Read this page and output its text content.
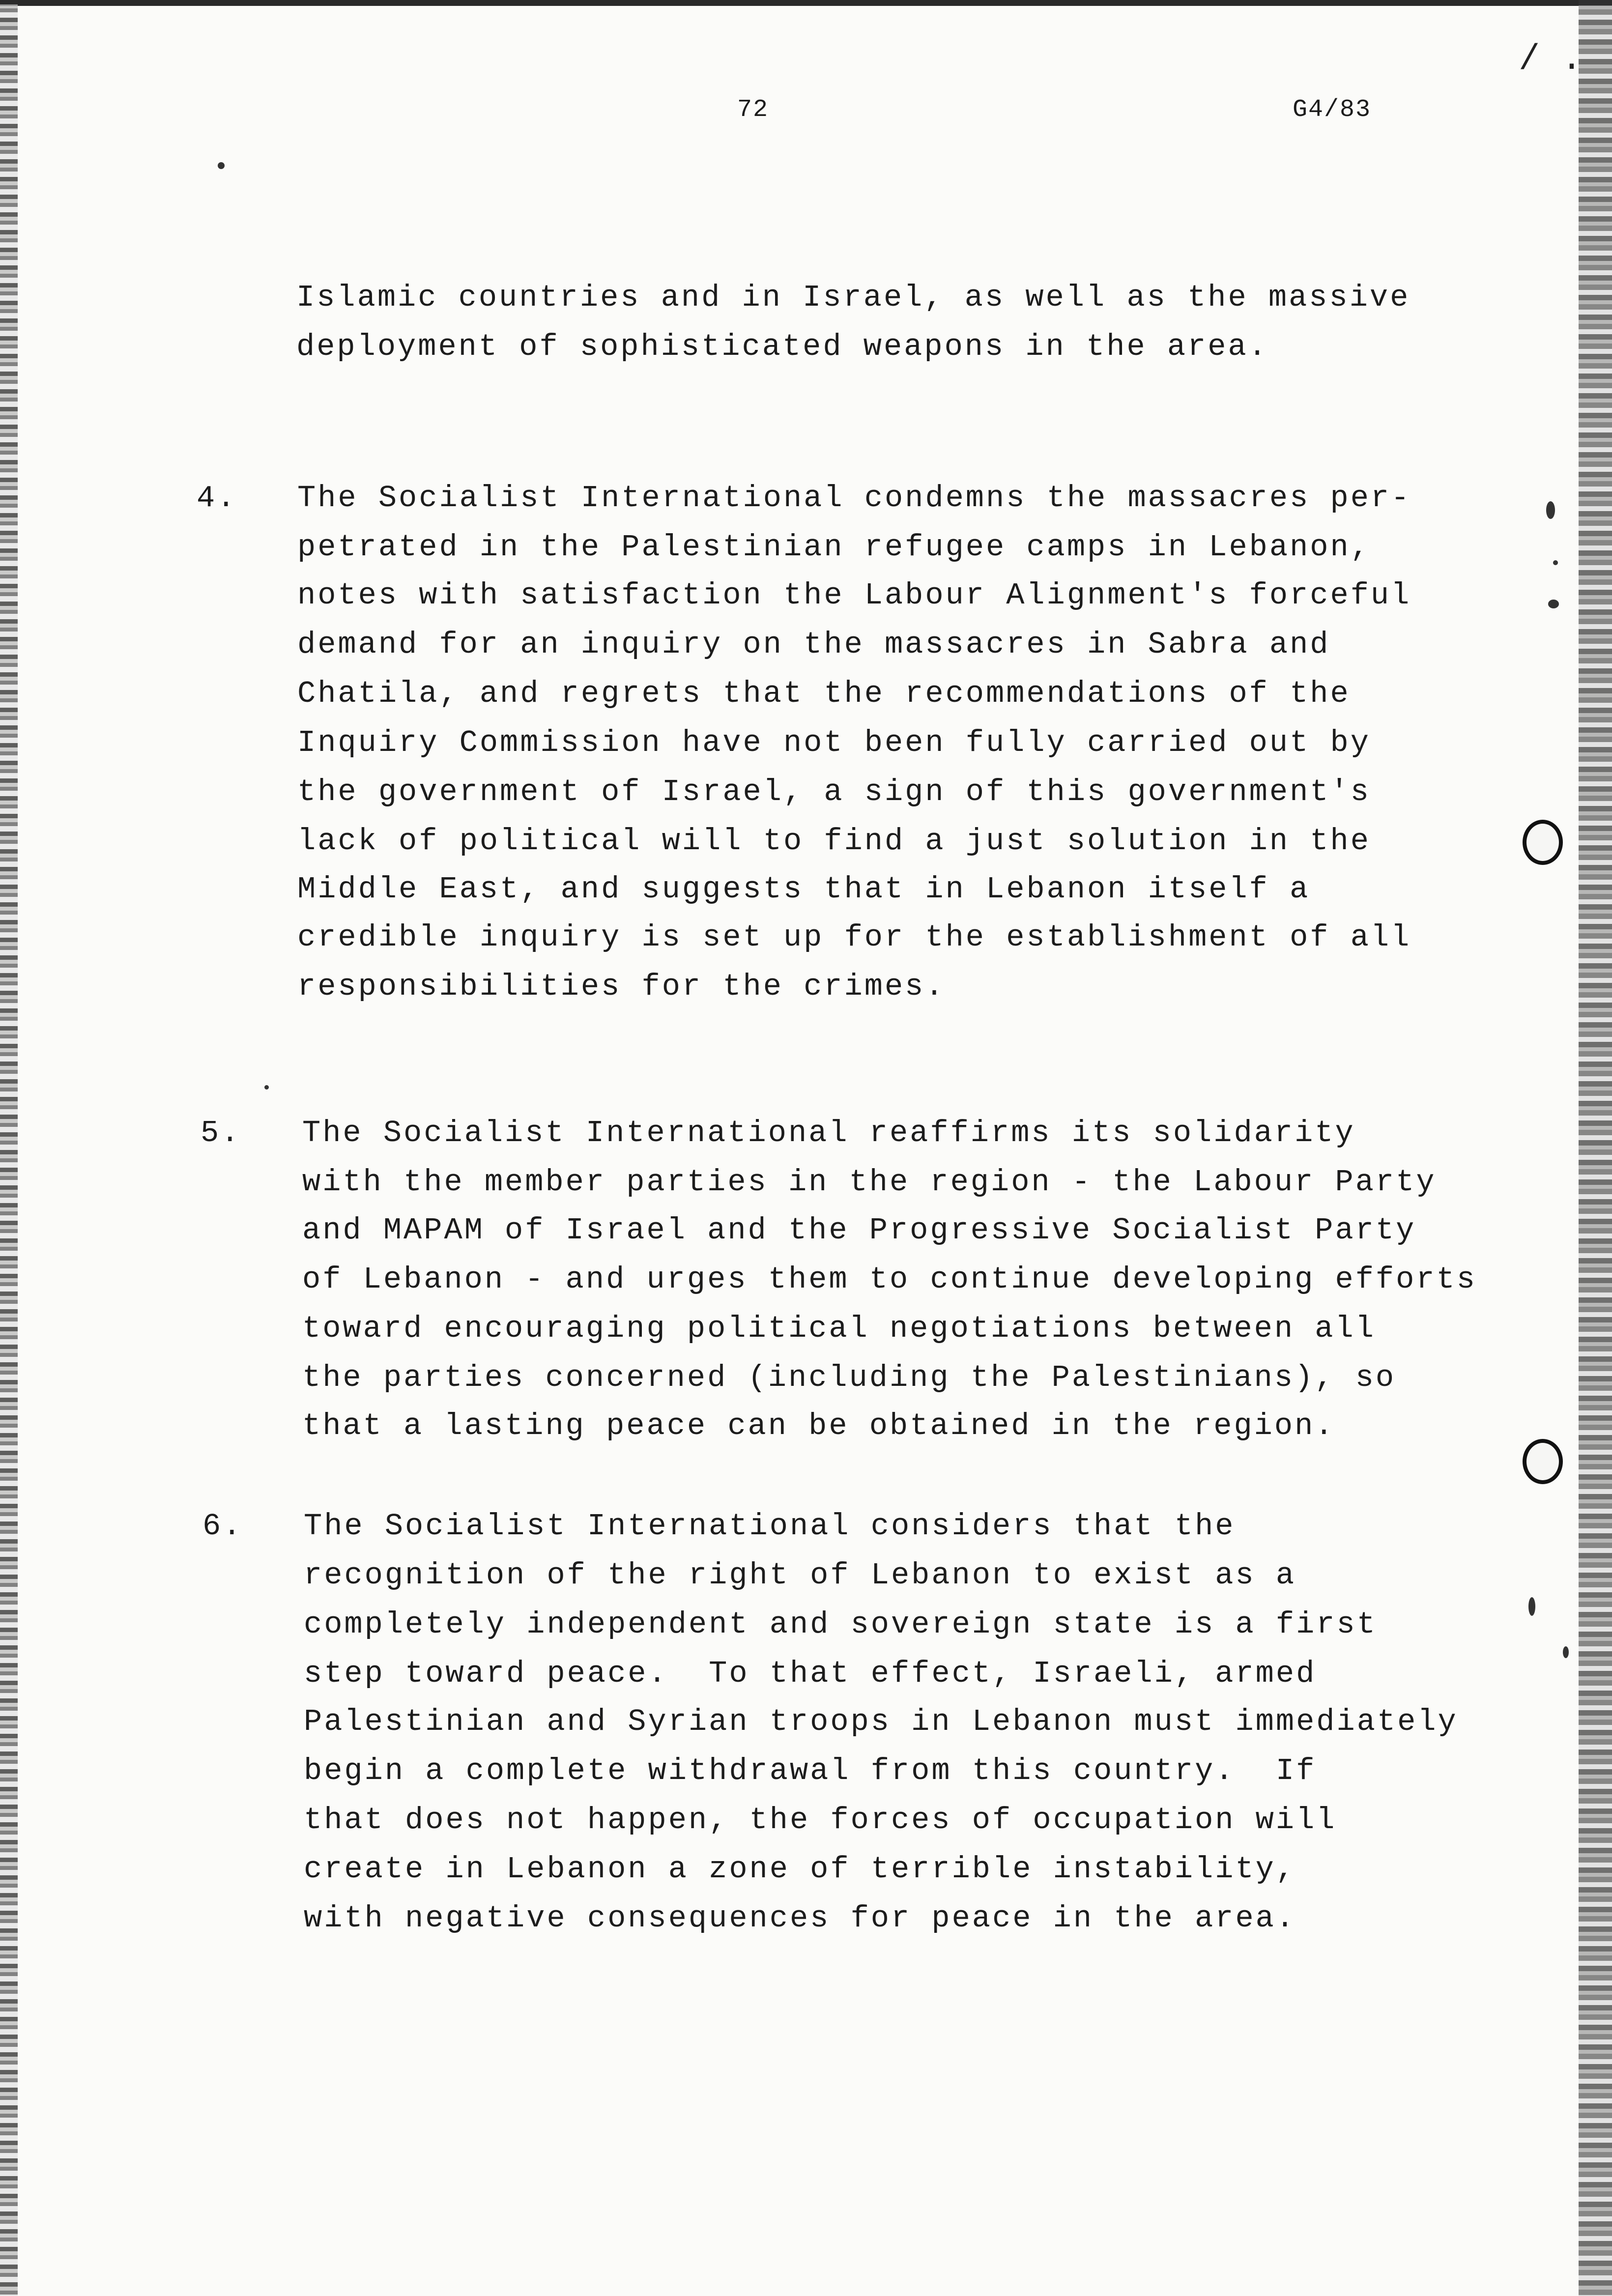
/ .
72	G4/83
Islamic countries and in Israel, as well as the massive
deployment of sophisticated weapons in the area.
4. The Socialist International condemns the massacres per-
petrated in the Palestinian refugee camps in Lebanon,
notes with satisfaction the Labour Alignment's forceful
demand for an inquiry on the massacres in Sabra and
Chatila, and regrets that the recommendations of the
Inquiry Commission have not been fully carried out by
the government of Israel, a sign of this government's
lack of political will to find a just solution in the
Middle East, and suggests that in Lebanon itself a
credible inquiry is set up for the establishment of all
responsibilities for the crimes.
5. The Socialist International reaffirms its solidarity
with the member parties in the region - the Labour Party
and MAPAM of Israel and the Progressive Socialist Party
of Lebanon - and urges them to continue developing efforts
toward encouraging political negotiations between all
the parties concerned (including the Palestinians), so
that a lasting peace can be obtained in the region.
6. The Socialist International considers that the
recognition of the right of Lebanon to exist as a
completely independent and sovereign state is a first
step toward peace.  To that effect, Israeli, armed
Palestinian and Syrian troops in Lebanon must immediately
begin a complete withdrawal from this country.  If
that does not happen, the forces of occupation will
create in Lebanon a zone of terrible instability,
with negative consequences for peace in the area.
